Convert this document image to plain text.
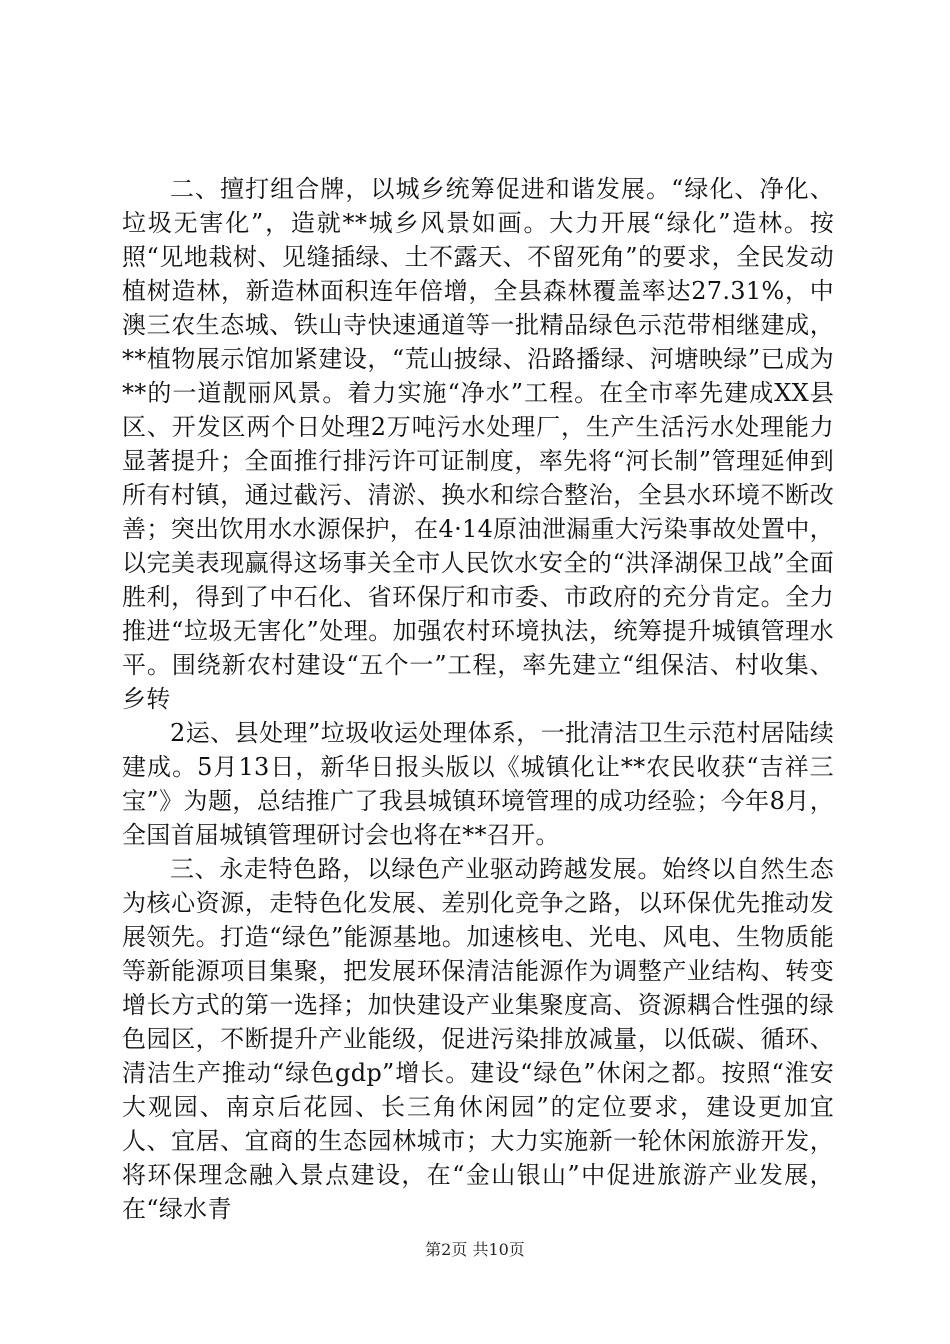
二、擅打组合牌，以城乡统筹促进和谐发展。“绿化、净化、垃圾无害化”，造就**城乡风景如画。大力开展“绿化”造林。按照“见地栽树、见缝插绿、土不露天、不留死角”的要求，全民发动植树造林，新造林面积连年倍增，全县森林覆盖率达27.31%，中澳三农生态城、铁山寺快速通道等一批精品绿色示范带相继建成，**植物展示馆加紧建设，“荒山披绿、沿路播绿、河塘映绿”已成为**的一道靓丽风景。着力实施“净水”工程。在全市率先建成XX县区、开发区两个日处理2万吨污水处理厂，生产生活污水处理能力显著提升；全面推行排污许可证制度，率先将“河长制”管理延伸到所有村镇，通过截污、清淤、换水和综合整治，全县水环境不断改善；突出饮用水水源保护，在4·14原油泄漏重大污染事故处置中，以完美表现赢得这场事关全市人民饮水安全的“洪泽湖保卫战”全面胜利，得到了中石化、省环保厅和市委、市政府的充分肯定。全力推进“垃圾无害化”处理。加强农村环境执法，统筹提升城镇管理水平。围绕新农村建设“五个一”工程，率先建立“组保洁、村收集、乡转

2运、县处理”垃圾收运处理体系，一批清洁卫生示范村居陆续建成。5月13日，新华日报头版以《城镇化让**农民收获“吉祥三宝”》为题，总结推广了我县城镇环境管理的成功经验；今年8月，全国首届城镇管理研讨会也将在**召开。

三、永走特色路，以绿色产业驱动跨越发展。始终以自然生态为核心资源，走特色化发展、差别化竞争之路，以环保优先推动发展领先。打造“绿色”能源基地。加速核电、光电、风电、生物质能等新能源项目集聚，把发展环保清洁能源作为调整产业结构、转变增长方式的第一选择；加快建设产业集聚度高、资源耦合性强的绿色园区，不断提升产业能级，促进污染排放减量，以低碳、循环、清洁生产推动“绿色gdp”增长。建设“绿色”休闲之都。按照“淮安大观园、南京后花园、长三角休闲园”的定位要求，建设更加宜人、宜居、宜商的生态园林城市；大力实施新一轮休闲旅游开发，将环保理念融入景点建设，在“金山银山”中促进旅游产业发展，在“绿水青

第2页 共10页
